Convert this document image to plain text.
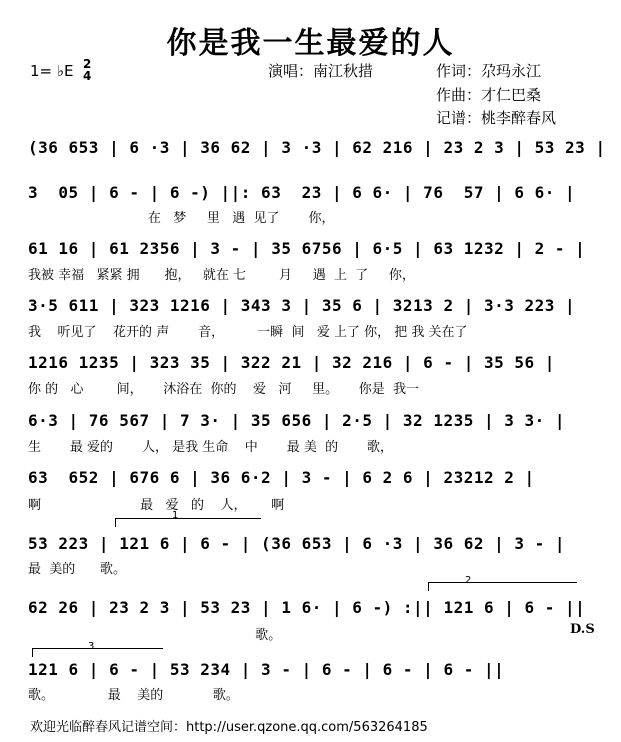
你是我一生最爱的人
1= ♭E 2
4	演唱：南江秋措	作词：尕玛永江
作曲：才仁巴桑
记谱：桃李醉春风
(36 653 | 6 ·3 | 36 62 | 3 ·3 | 62 216 | 23 2 3 | 53 23 |
3  05 | 6 - | 6 -) ||: 63  23 | 6 6· | 76  57 | 6 6· |
在   梦     里   遇  见了       你，
61 16 | 61 2356 | 3 - | 35 6756 | 6·5 | 63 1232 | 2 - |
我被 幸福   紧紧 拥      抱，   就在 七        月     遇  上  了     你，
3·5 611 | 323 1216 | 343 3 | 35 6 | 3213 2 | 3·3 223 |
我    听见了    花开的 声       音，        一瞬  间   爱 上了 你， 把 我 关在了
1216 1235 | 323 35 | 322 21 | 32 216 | 6 - | 35 56 |
你 的   心        间，     沐浴在  你的    爱   河     里。     你是  我一
6·3 | 76 567 | 7 3· | 35 656 | 2·5 | 32 1235 | 3 3· |
生       最 爱的       人， 是我 生命    中       最 美  的       歌，
63  652 | 676 6 | 36 6·2 | 3 - | 6 2 6 | 23212 2 |
啊                        最   爱   的    人，      啊
1
53 223 | 121 6 | 6 - | (36 653 | 6 ·3 | 36 62 | 3 - |
最  美的      歌。
2
62 26 | 23 2 3 | 53 23 | 1 6· | 6 -) :|| 121 6 | 6 - ||
歌。	D.S
3
121 6 | 6 - | 53 234 | 3 - | 6 - | 6 - | 6 - ||
歌。             最    美的            歌。
欢迎光临醉春风记谱空间：http://user.qzone.qq.com/563264185
